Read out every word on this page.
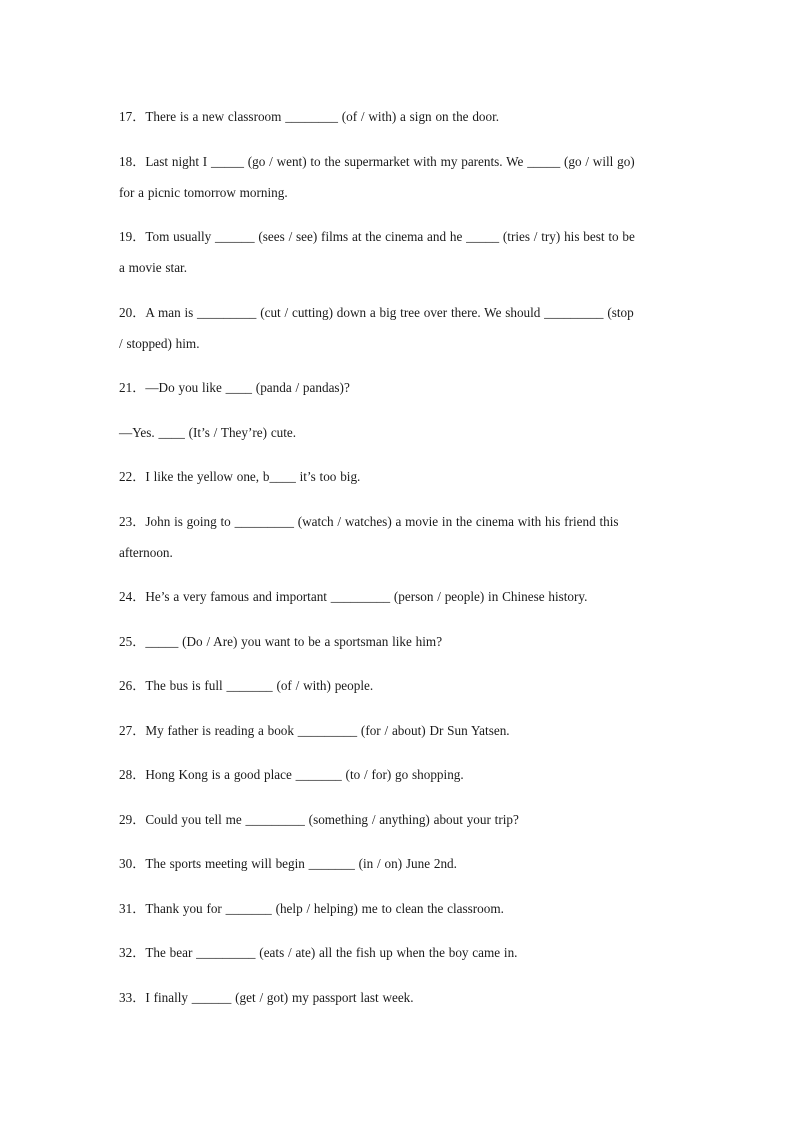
17．There is a new classroom ________ (of / with) a sign on the door.

18．Last night I _____ (go / went) to the supermarket with my parents. We _____ (go / will go)
for a picnic tomorrow morning.

19．Tom usually ______ (sees / see) films at the cinema and he _____ (tries / try) his best to be
a movie star.

20．A man is _________ (cut / cutting) down a big tree over there. We should _________ (stop
/ stopped) him.

21．—Do you like ____ (panda / pandas)?

—Yes. ____ (It’s / They’re) cute.

22．I like the yellow one, b____ it’s too big.

23．John is going to _________ (watch / watches) a movie in the cinema with his friend this
afternoon.

24．He’s a very famous and important _________ (person / people) in Chinese history.

25．_____ (Do / Are) you want to be a sportsman like him?

26．The bus is full _______ (of / with) people.

27．My father is reading a book _________ (for / about) Dr Sun Yatsen.

28．Hong Kong is a good place _______ (to / for) go shopping.

29．Could you tell me _________ (something / anything) about your trip?

30．The sports meeting will begin _______ (in / on) June 2nd.

31．Thank you for _______ (help / helping) me to clean the classroom.

32．The bear _________ (eats / ate) all the fish up when the boy came in.

33．I finally ______ (get / got) my passport last week.
